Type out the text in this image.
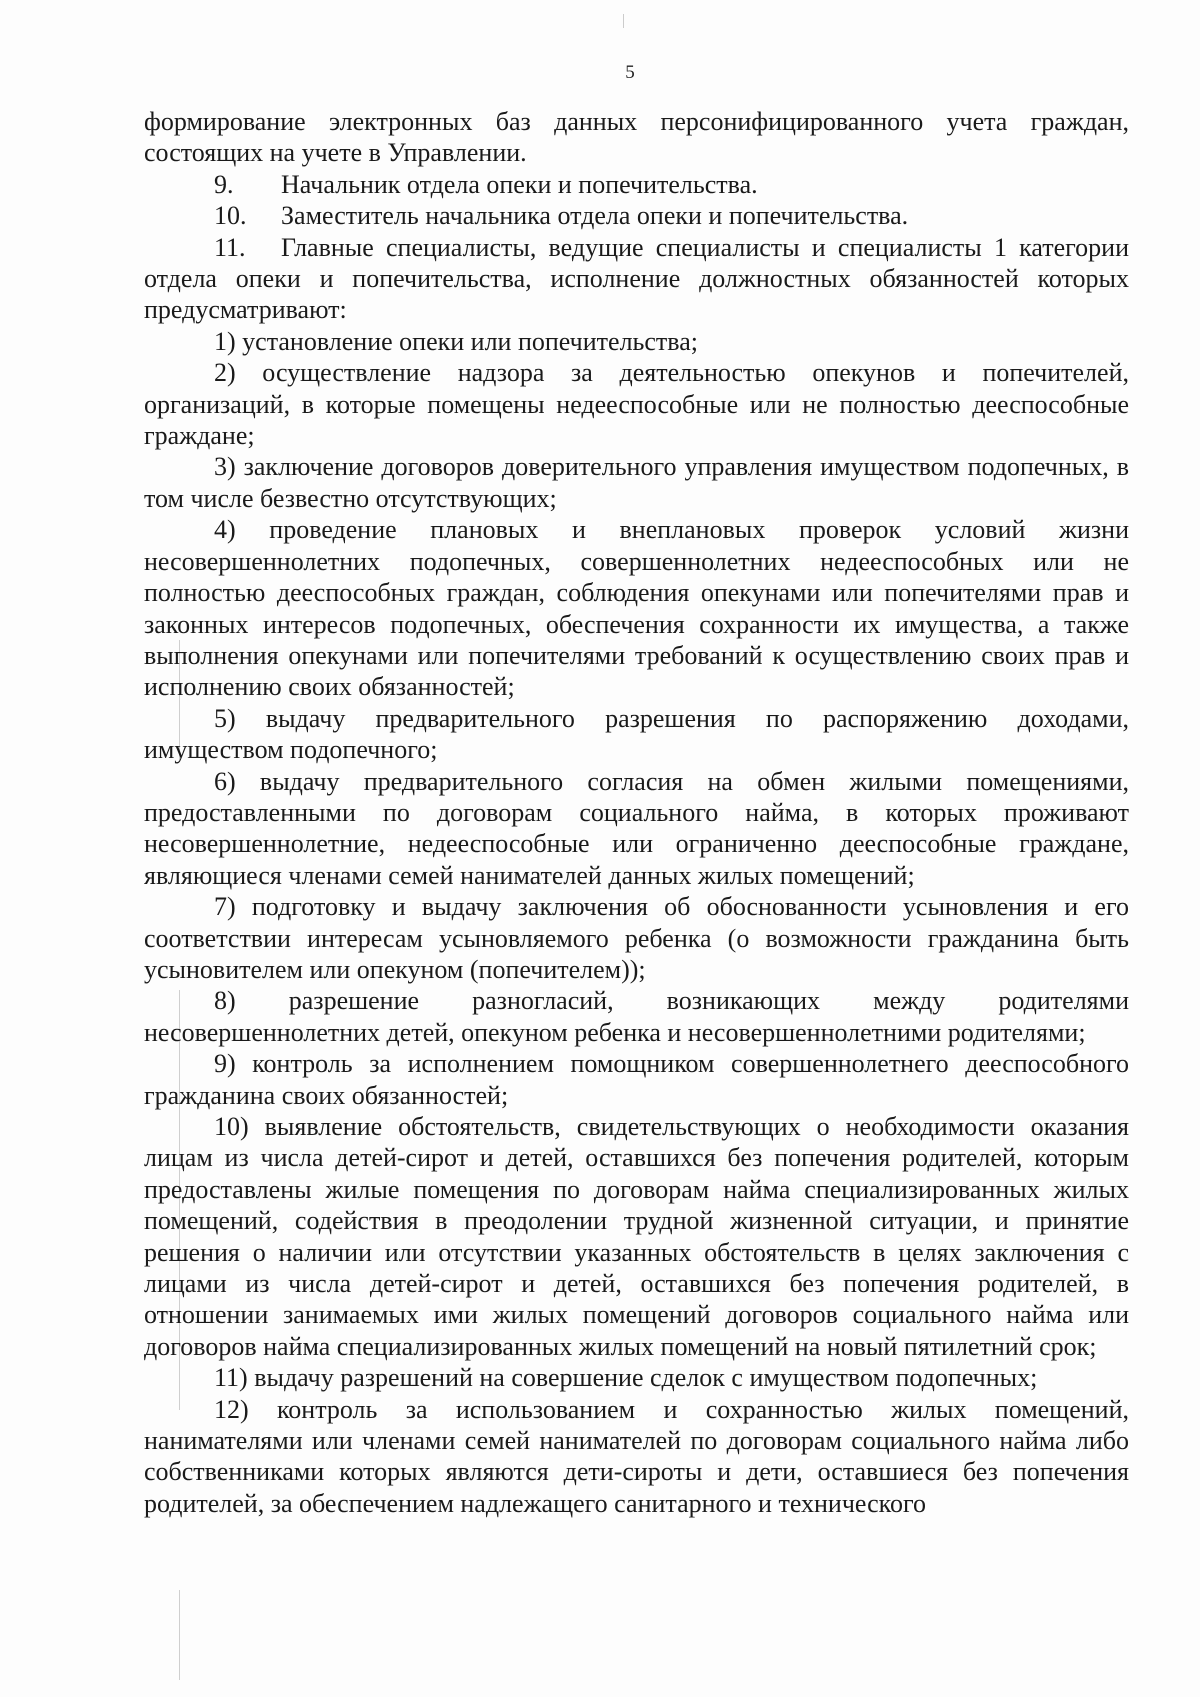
5

формирование электронных баз данных персонифицированного учета граждан, состоящих на учете в Управлении.

9. Начальник отдела опеки и попечительства.

10. Заместитель начальника отдела опеки и попечительства.

11. Главные специалисты, ведущие специалисты и специалисты 1 категории отдела опеки и попечительства, исполнение должностных обязанностей которых предусматривают:

1) установление опеки или попечительства;

2) осуществление надзора за деятельностью опекунов и попечителей, организаций, в которые помещены недееспособные или не полностью дееспособные граждане;

3) заключение договоров доверительного управления имуществом подопечных, в том числе безвестно отсутствующих;

4) проведение плановых и внеплановых проверок условий жизни несовершеннолетних подопечных, совершеннолетних недееспособных или не полностью дееспособных граждан, соблюдения опекунами или попечителями прав и законных интересов подопечных, обеспечения сохранности их имущества, а также выполнения опекунами или попечителями требований к осуществлению своих прав и исполнению своих обязанностей;

5) выдачу предварительного разрешения по распоряжению доходами, имуществом подопечного;

6) выдачу предварительного согласия на обмен жилыми помещениями, предоставленными по договорам социального найма, в которых проживают несовершеннолетние, недееспособные или ограниченно дееспособные граждане, являющиеся членами семей нанимателей данных жилых помещений;

7) подготовку и выдачу заключения об обоснованности усыновления и его соответствии интересам усыновляемого ребенка (о возможности гражданина быть усыновителем или опекуном (попечителем));

8) разрешение разногласий, возникающих между родителями несовершеннолетних детей, опекуном ребенка и несовершеннолетними родителями;

9) контроль за исполнением помощником совершеннолетнего дееспособного гражданина своих обязанностей;

10) выявление обстоятельств, свидетельствующих о необходимости оказания лицам из числа детей-сирот и детей, оставшихся без попечения родителей, которым предоставлены жилые помещения по договорам найма специализированных жилых помещений, содействия в преодолении трудной жизненной ситуации, и принятие решения о наличии или отсутствии указанных обстоятельств в целях заключения с лицами из числа детей-сирот и детей, оставшихся без попечения родителей, в отношении занимаемых ими жилых помещений договоров социального найма или договоров найма специализированных жилых помещений на новый пятилетний срок;

11) выдачу разрешений на совершение сделок с имуществом подопечных;

12) контроль за использованием и сохранностью жилых помещений, нанимателями или членами семей нанимателей по договорам социального найма либо собственниками которых являются дети-сироты и дети, оставшиеся без попечения родителей, за обеспечением надлежащего санитарного и технического
